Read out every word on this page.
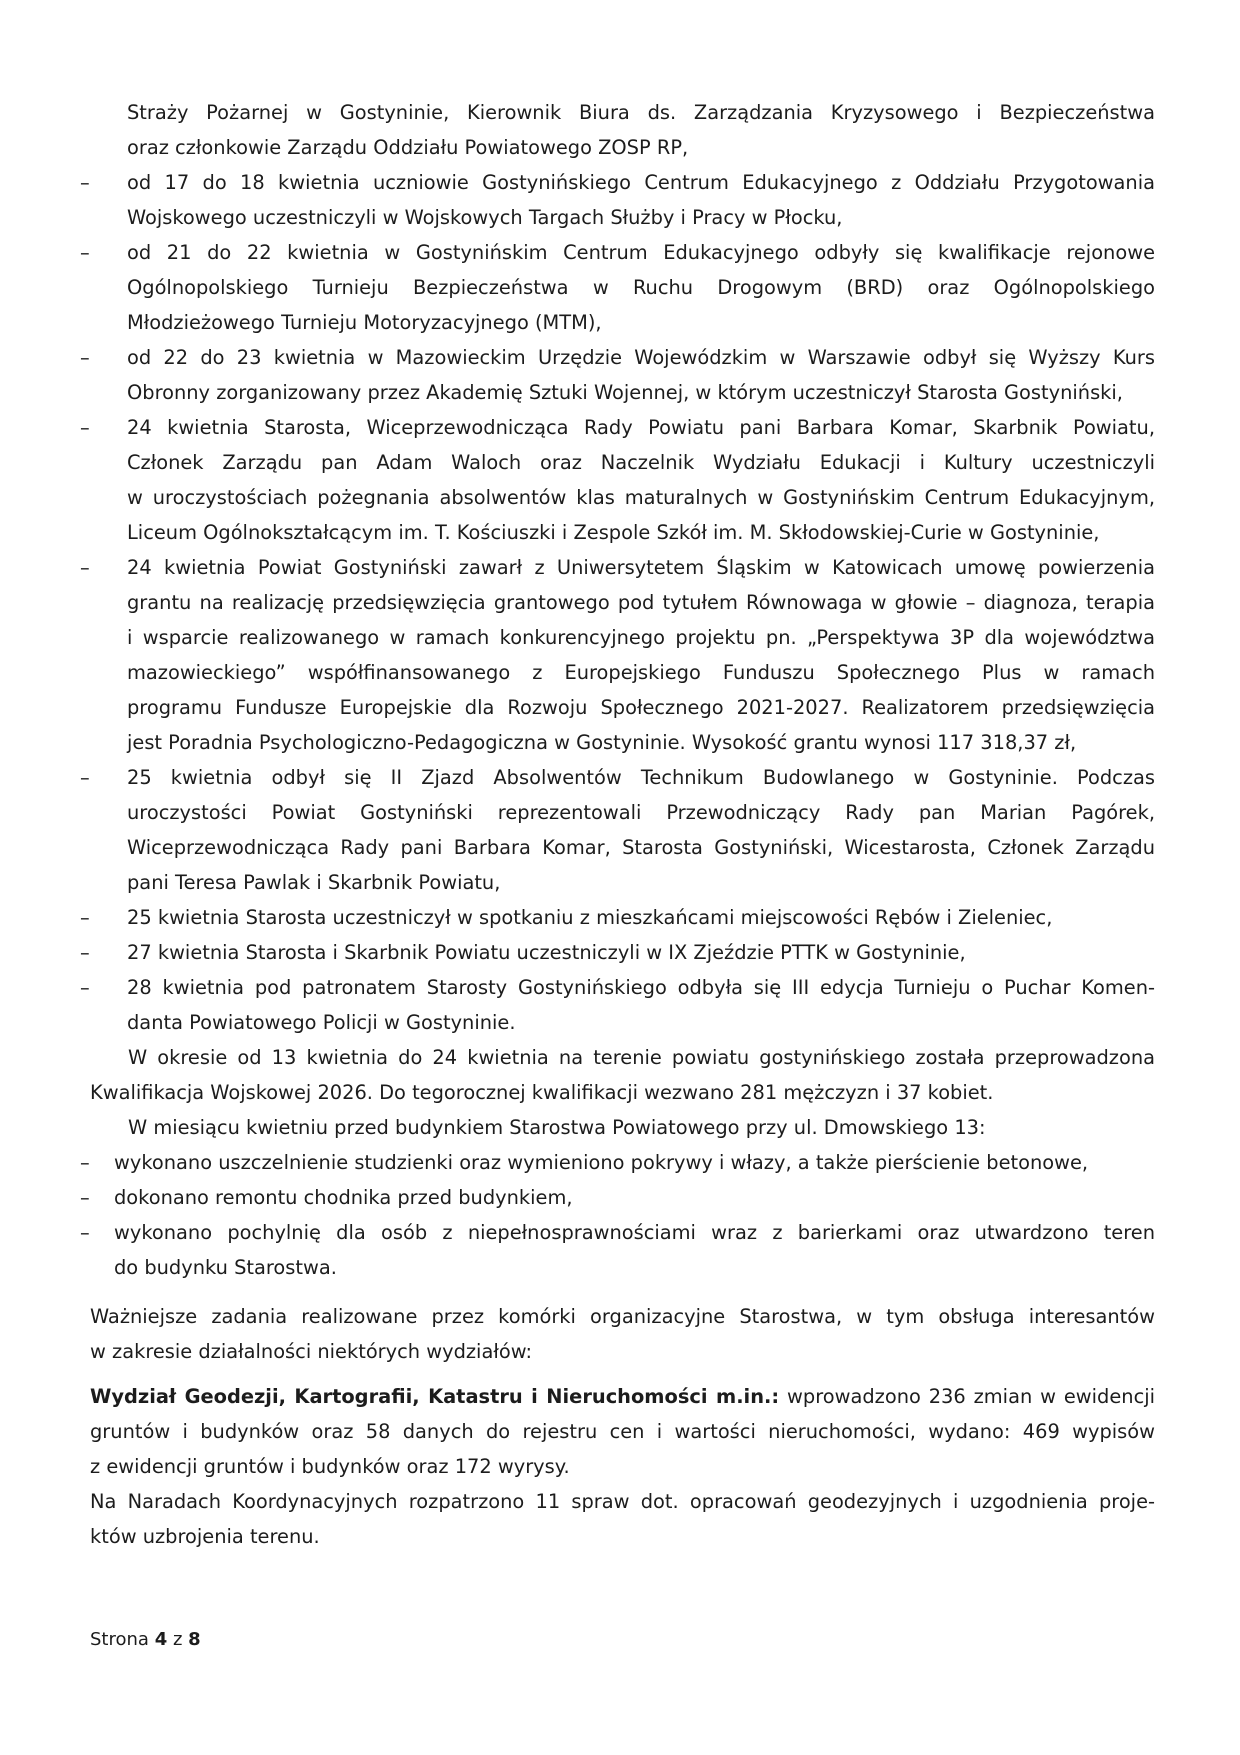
Straży Pożarnej w Gostyninie, Kierownik Biura ds. Zarządzania Kryzysowego i Bezpieczeństwa
oraz członkowie Zarządu Oddziału Powiatowego ZOSP RP,
–	od 17 do 18 kwietnia uczniowie Gostynińskiego Centrum Edukacyjnego z Oddziału Przygotowania
Wojskowego uczestniczyli w Wojskowych Targach Służby i Pracy w Płocku,
–	od 21 do 22 kwietnia w Gostynińskim Centrum Edukacyjnego odbyły się kwalifikacje rejonowe
Ogólnopolskiego Turnieju Bezpieczeństwa w Ruchu Drogowym (BRD) oraz Ogólnopolskiego
Młodzieżowego Turnieju Motoryzacyjnego (MTM),
–	od 22 do 23 kwietnia w Mazowieckim Urzędzie Wojewódzkim w Warszawie odbył się Wyższy Kurs
Obronny zorganizowany przez Akademię Sztuki Wojennej, w którym uczestniczył Starosta Gostyniński,
–	24 kwietnia Starosta, Wiceprzewodnicząca Rady Powiatu pani Barbara Komar, Skarbnik Powiatu,
Członek Zarządu pan Adam Waloch oraz Naczelnik Wydziału Edukacji i Kultury uczestniczyli
w uroczystościach pożegnania absolwentów klas maturalnych w Gostynińskim Centrum Edukacyjnym,
Liceum Ogólnokształcącym im. T. Kościuszki i Zespole Szkół im. M. Skłodowskiej-Curie w Gostyninie,
–	24 kwietnia Powiat Gostyniński zawarł z Uniwersytetem Śląskim w Katowicach umowę powierzenia
grantu na realizację przedsięwzięcia grantowego pod tytułem Równowaga w głowie – diagnoza, terapia
i wsparcie realizowanego w ramach konkurencyjnego projektu pn. „Perspektywa 3P dla województwa
mazowieckiego” współfinansowanego z Europejskiego Funduszu Społecznego Plus w ramach
programu Fundusze Europejskie dla Rozwoju Społecznego 2021-2027. Realizatorem przedsięwzięcia
jest Poradnia Psychologiczno-Pedagogiczna w Gostyninie. Wysokość grantu wynosi 117 318,37 zł,
–	25 kwietnia odbył się II Zjazd Absolwentów Technikum Budowlanego w Gostyninie. Podczas
uroczystości Powiat Gostyniński reprezentowali Przewodniczący Rady pan Marian Pagórek,
Wiceprzewodnicząca Rady pani Barbara Komar, Starosta Gostyniński, Wicestarosta, Członek Zarządu
pani Teresa Pawlak i Skarbnik Powiatu,
–	25 kwietnia Starosta uczestniczył w spotkaniu z mieszkańcami miejscowości Rębów i Zieleniec,
–	27 kwietnia Starosta i Skarbnik Powiatu uczestniczyli w IX Zjeździe PTTK w Gostyninie,
–	28 kwietnia pod patronatem Starosty Gostynińskiego odbyła się III edycja Turnieju o Puchar Komen-
danta Powiatowego Policji w Gostyninie.
W okresie od 13 kwietnia do 24 kwietnia na terenie powiatu gostynińskiego została przeprowadzona
Kwalifikacja Wojskowej 2026. Do tegorocznej kwalifikacji wezwano 281 mężczyzn i 37 kobiet.
W miesiącu kwietniu przed budynkiem Starostwa Powiatowego przy ul. Dmowskiego 13:
–	wykonano uszczelnienie studzienki oraz wymieniono pokrywy i włazy, a także pierścienie betonowe,
–	dokonano remontu chodnika przed budynkiem,
–	wykonano pochylnię dla osób z niepełnosprawnościami wraz z barierkami oraz utwardzono teren
do budynku Starostwa.
Ważniejsze zadania realizowane przez komórki organizacyjne Starostwa, w tym obsługa interesantów
w zakresie działalności niektórych wydziałów:
Wydział Geodezji, Kartografii, Katastru i Nieruchomości m.in.: wprowadzono 236 zmian w ewidencji
gruntów i budynków oraz 58 danych do rejestru cen i wartości nieruchomości, wydano: 469 wypisów
z ewidencji gruntów i budynków oraz 172 wyrysy.
Na Naradach Koordynacyjnych rozpatrzono 11 spraw dot. opracowań geodezyjnych i uzgodnienia proje-
któw uzbrojenia terenu.
Strona 4 z 8
